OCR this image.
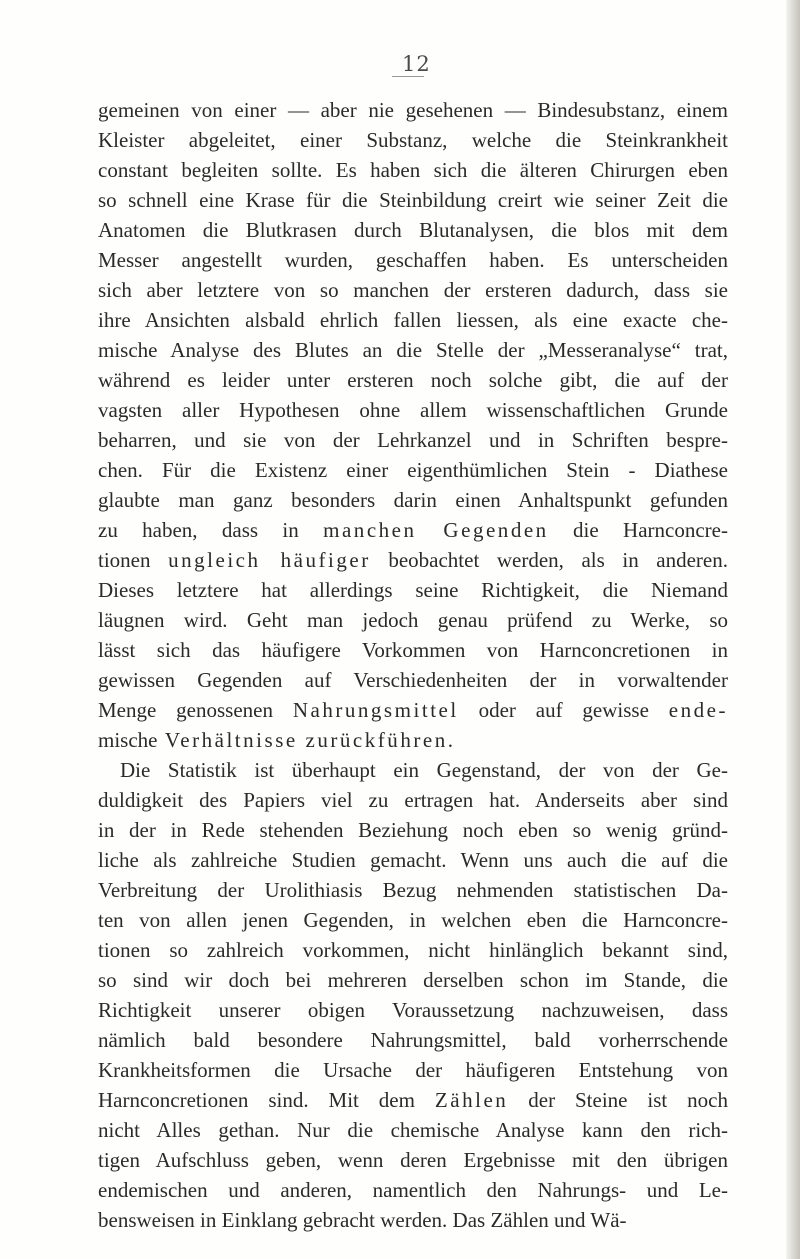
12
gemeinen von einer — aber nie gesehenen — Bindesubstanz, einem
Kleister abgeleitet, einer Substanz, welche die Steinkrankheit
constant begleiten sollte. Es haben sich die älteren Chirurgen eben
so schnell eine Krase für die Steinbildung creirt wie seiner Zeit die
Anatomen die Blutkrasen durch Blutanalysen, die blos mit dem
Messer angestellt wurden, geschaffen haben. Es unterscheiden
sich aber letztere von so manchen der ersteren dadurch, dass sie
ihre Ansichten alsbald ehrlich fallen liessen, als eine exacte che-
mische Analyse des Blutes an die Stelle der „Messeranalyse“ trat,
während es leider unter ersteren noch solche gibt, die auf der
vagsten aller Hypothesen ohne allem wissenschaftlichen Grunde
beharren, und sie von der Lehrkanzel und in Schriften bespre-
chen. Für die Existenz einer eigenthümlichen Stein - Diathese
glaubte man ganz besonders darin einen Anhaltspunkt gefunden
zu haben, dass in manchen Gegenden die Harnconcre-
tionen ungleich häufiger beobachtet werden, als in anderen.
Dieses letztere hat allerdings seine Richtigkeit, die Niemand
läugnen wird. Geht man jedoch genau prüfend zu Werke, so
lässt sich das häufigere Vorkommen von Harnconcretionen in
gewissen Gegenden auf Verschiedenheiten der in vorwaltender
Menge genossenen Nahrungsmittel oder auf gewisse ende-
mische Verhältnisse zurückführen.
Die Statistik ist überhaupt ein Gegenstand, der von der Ge-
duldigkeit des Papiers viel zu ertragen hat. Anderseits aber sind
in der in Rede stehenden Beziehung noch eben so wenig gründ-
liche als zahlreiche Studien gemacht. Wenn uns auch die auf die
Verbreitung der Urolithiasis Bezug nehmenden statistischen Da-
ten von allen jenen Gegenden, in welchen eben die Harnconcre-
tionen so zahlreich vorkommen, nicht hinlänglich bekannt sind,
so sind wir doch bei mehreren derselben schon im Stande, die
Richtigkeit unserer obigen Voraussetzung nachzuweisen, dass
nämlich bald besondere Nahrungsmittel, bald vorherrschende
Krankheitsformen die Ursache der häufigeren Entstehung von
Harnconcretionen sind. Mit dem Zählen der Steine ist noch
nicht Alles gethan. Nur die chemische Analyse kann den rich-
tigen Aufschluss geben, wenn deren Ergebnisse mit den übrigen
endemischen und anderen, namentlich den Nahrungs- und Le-
bensweisen in Einklang gebracht werden. Das Zählen und Wä-
